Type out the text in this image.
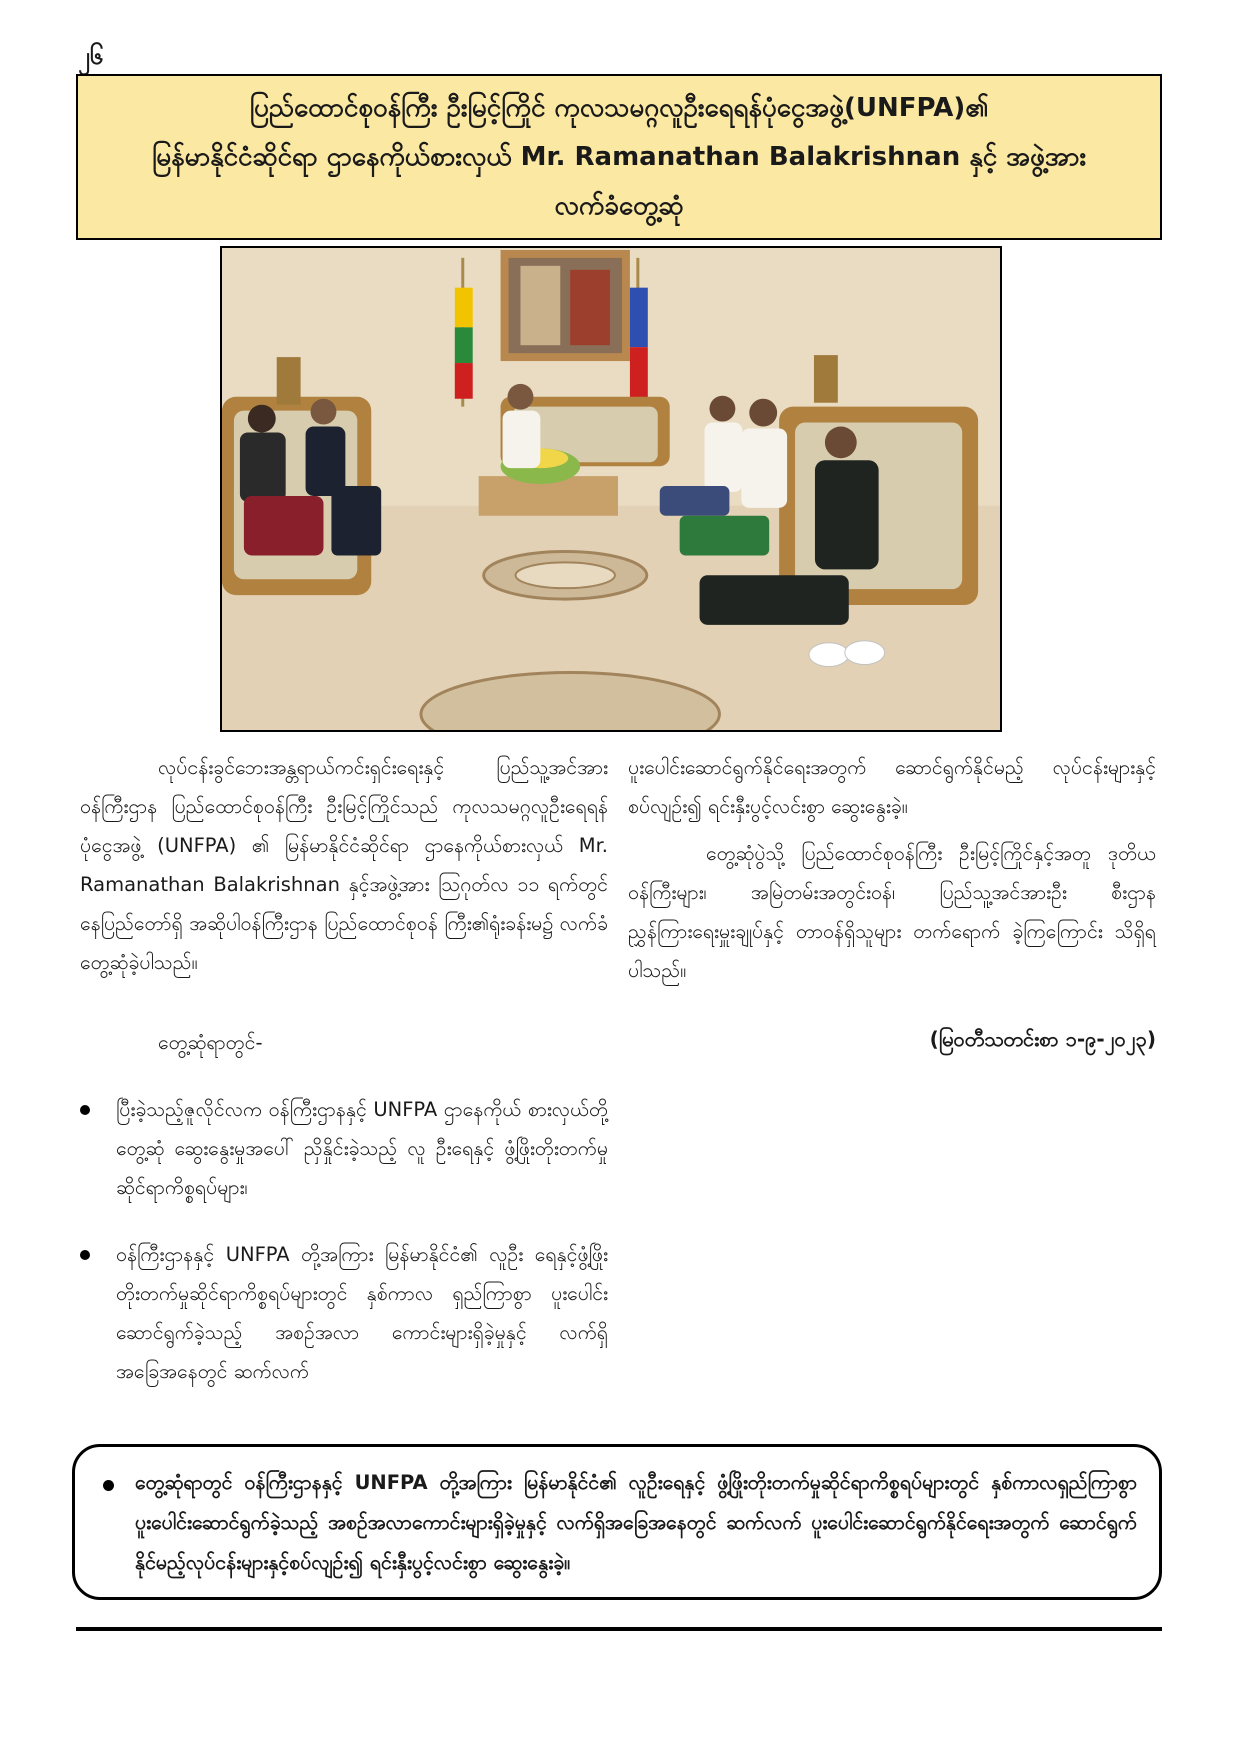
၂၆
ပြည်ထောင်စုဝန်ကြီး ဦးမြင့်ကြိုင် ကုလသမဂ္ဂလူဦးရေရန်ပုံငွေအဖွဲ့(UNFPA)၏
မြန်မာနိုင်ငံဆိုင်ရာ ဌာနေကိုယ်စားလှယ် Mr. Ramanathan Balakrishnan နှင့် အဖွဲ့အား
လက်ခံတွေ့ဆုံ

လုပ်ငန်းခွင်ဘေးအန္တရာယ်ကင်းရှင်းရေးနှင့် ပြည်သူ့အင်အားဝန်ကြီးဌာန ပြည်ထောင်စုဝန်ကြီး ဦးမြင့်ကြိုင်သည် ကုလသမဂ္ဂလူဦးရေရန် ပုံငွေအဖွဲ့ (UNFPA) ၏ မြန်မာနိုင်ငံဆိုင်ရာ ဌာနေကိုယ်စားလှယ် Mr. Ramanathan Balakrishnan နှင့်အဖွဲ့အား ဩဂုတ်လ ၁၁ ရက်တွင် နေပြည်တော်ရှိ အဆိုပါဝန်ကြီးဌာန ပြည်ထောင်စုဝန် ကြီး၏ရုံးခန်းမ၌ လက်ခံတွေ့ဆုံခဲ့ပါသည်။

တွေ့ဆုံရာတွင်-

ပြီးခဲ့သည့်ဇူလိုင်လက ဝန်ကြီးဌာနနှင့် UNFPA ဌာနေကိုယ် စားလှယ်တို့ တွေ့ဆုံ ဆွေးနွေးမှုအပေါ် ညှိနှိုင်းခဲ့သည့် လူ ဦးရေနှင့် ဖွံ့ဖြိုးတိုးတက်မှုဆိုင်ရာကိစ္စရပ်များ၊
ဝန်ကြီးဌာနနှင့် UNFPA တို့အကြား မြန်မာနိုင်ငံ၏ လူဦး ရေနှင့်ဖွံ့ဖြိုးတိုးတက်မှုဆိုင်ရာကိစ္စရပ်များတွင် နှစ်ကာလ ရှည်ကြာစွာ ပူးပေါင်းဆောင်ရွက်ခဲ့သည့် အစဉ်အလာ ကောင်းများရှိခဲ့မှုနှင့် လက်ရှိအခြေအနေတွင် ဆက်လက်

ပူးပေါင်းဆောင်ရွက်နိုင်ရေးအတွက် ဆောင်ရွက်နိုင်မည့် လုပ်ငန်းများနှင့်စပ်လျဉ်း၍ ရင်းနှီးပွင့်လင်းစွာ ဆွေးနွေးခဲ့။

တွေ့ဆုံပွဲသို့ ပြည်ထောင်စုဝန်ကြီး ဦးမြင့်ကြိုင်နှင့်အတူ ဒုတိယဝန်ကြီးများ၊ အမြဲတမ်းအတွင်းဝန်၊ ပြည်သူ့အင်အားဦး စီးဌာန ညွှန်ကြားရေးမှူးချုပ်နှင့် တာဝန်ရှိသူများ တက်ရောက် ခဲ့ကြကြောင်း သိရှိရပါသည်။

(မြဝတီသတင်းစာ ၁-၉-၂၀၂၃)

တွေ့ဆုံရာတွင် ဝန်ကြီးဌာနနှင့် UNFPA တို့အကြား မြန်မာနိုင်ငံ၏ လူဦးရေနှင့် ဖွံ့ဖြိုးတိုးတက်မှုဆိုင်ရာကိစ္စရပ်များတွင် နှစ်ကာလရှည်ကြာစွာ ပူးပေါင်းဆောင်ရွက်ခဲ့သည့် အစဉ်အလာကောင်းများရှိခဲ့မှုနှင့် လက်ရှိအခြေအနေတွင် ဆက်လက် ပူးပေါင်းဆောင်ရွက်နိုင်ရေးအတွက် ဆောင်ရွက်နိုင်မည့်လုပ်ငန်းများနှင့်စပ်လျဉ်း၍ ရင်းနှီးပွင့်လင်းစွာ ဆွေးနွေးခဲ့။
